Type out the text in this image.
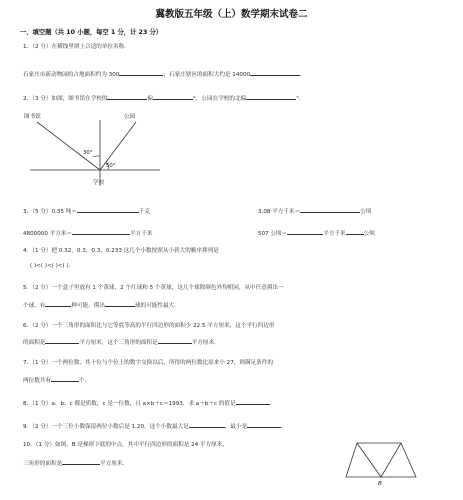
冀教版五年级（上）数学期末试卷二
一、填空题（共 10 小题，每空 1 分，计 23 分）
1．（2 分）在横线里填上合适的单位名称．
石家庄市新动物园的占地面积约为 300	；石家庄辖区的面积大约是 14000	．
2．（3 分）如图，图书馆在学校的	偏	°，公园在学校的北偏	°．
图书馆	公园
30°
50°
学校
3．（5 分）0.35 吨＝	千克	3.08 平方千米＝	公顷
4800000 平方米＝	平方千米	507 公顷＝	平方千米	公顷
4．（1 分）把 0.32，0.3，0.3，0.233 这几个小数按照从小到大的顺序排列是
( )<( )<( )<( )．
5．（2 分）一个盒子里放有 1 个黄球，2 个红球和 5 个黄球，这几个球除颜色外均相同，从中任意摸出一
个球，有	种可能，摸出	球的可能性最大．
6．（2 分）一个三角形的面积比与它等底等高的平行四边形的面积少 22.5 平方厘米，这个平行四边形
的面积是	平方厘米，这个三角形的面积是	平方厘米．
7．（1 分）一个两位数，其十位与个位上的数字交换以后，所得的两位数比原来小 27，则满足条件的
两位数共有	个．
8．（1 分）a、b、c 都是质数，c 是一位数，且 a×b＋c＝1993，求 a＋b＋c 的值是	．
9．（2 分）一个三位小数保留两位小数后是 1.20，这个小数最大是	，最小是	．
10．（1 分）如图，B 是梯形下底的中点，其中平行四边形的面积是 24 平方厘米，
三角形的面积是	平方厘米．
B
